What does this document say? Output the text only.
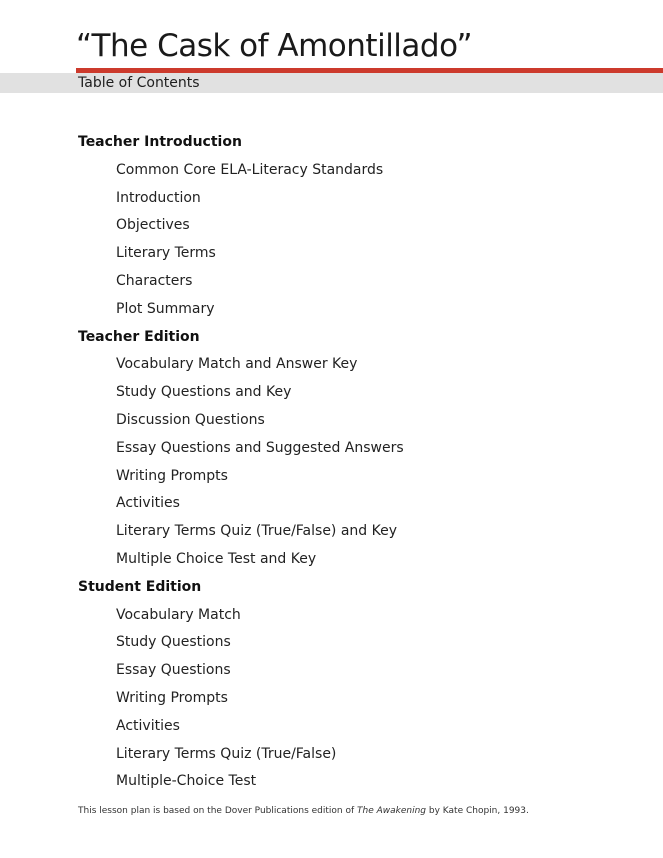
“The Cask of Amontillado”
Table of Contents
Teacher Introduction
Common Core ELA-Literacy Standards
Introduction
Objectives
Literary Terms
Characters
Plot Summary
Teacher Edition
Vocabulary Match and Answer Key
Study Questions and Key
Discussion Questions
Essay Questions and Suggested Answers
Writing Prompts
Activities
Literary Terms Quiz (True/False) and Key
Multiple Choice Test and Key
Student Edition
Vocabulary Match
Study Questions
Essay Questions
Writing Prompts
Activities
Literary Terms Quiz (True/False)
Multiple-Choice Test
This lesson plan is based on the Dover Publications edition of The Awakening by Kate Chopin, 1993.
